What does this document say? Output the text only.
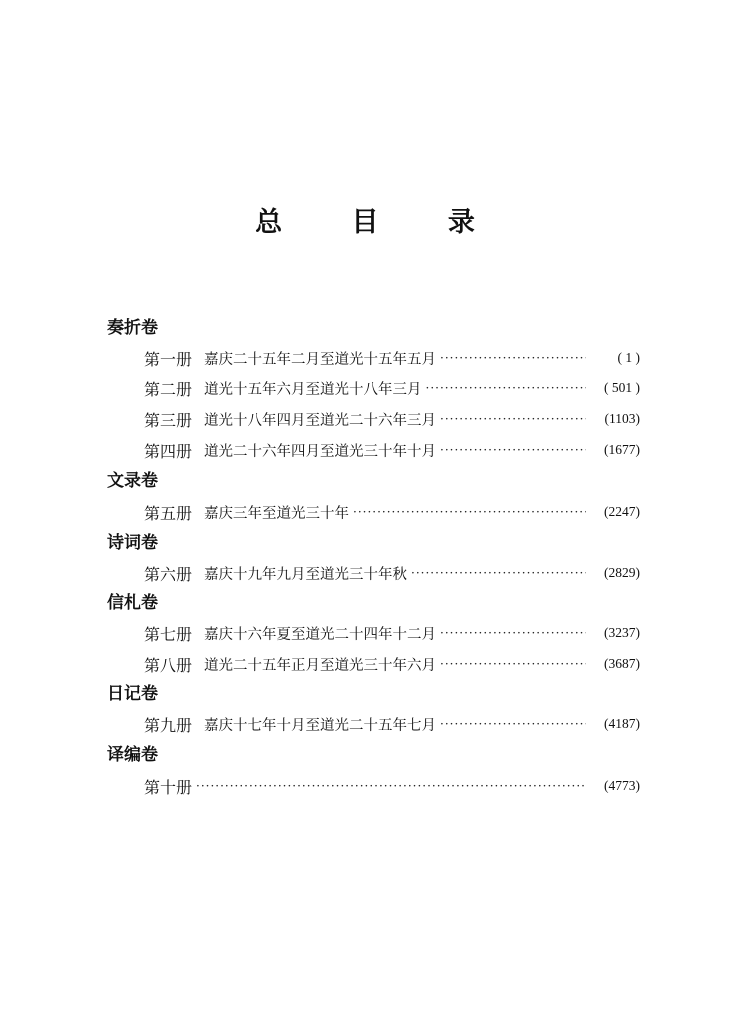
总 目 录
奏折卷
第一册 嘉庆二十五年二月至道光十五年五月 ·····	( 1 )
第二册 道光十五年六月至道光十八年三月 ·····	( 501 )
第三册 道光十八年四月至道光二十六年三月 ·····	(1103)
第四册 道光二十六年四月至道光三十年十月 ·····	(1677)
文录卷
第五册 嘉庆三年至道光三十年 ·····	(2247)
诗词卷
第六册 嘉庆十九年九月至道光三十年秋 ·····	(2829)
信札卷
第七册 嘉庆十六年夏至道光二十四年十二月 ·····	(3237)
第八册 道光二十五年正月至道光三十年六月 ·····	(3687)
日记卷
第九册 嘉庆十七年十月至道光二十五年七月 ·····	(4187)
译编卷
第十册 ·····	(4773)
